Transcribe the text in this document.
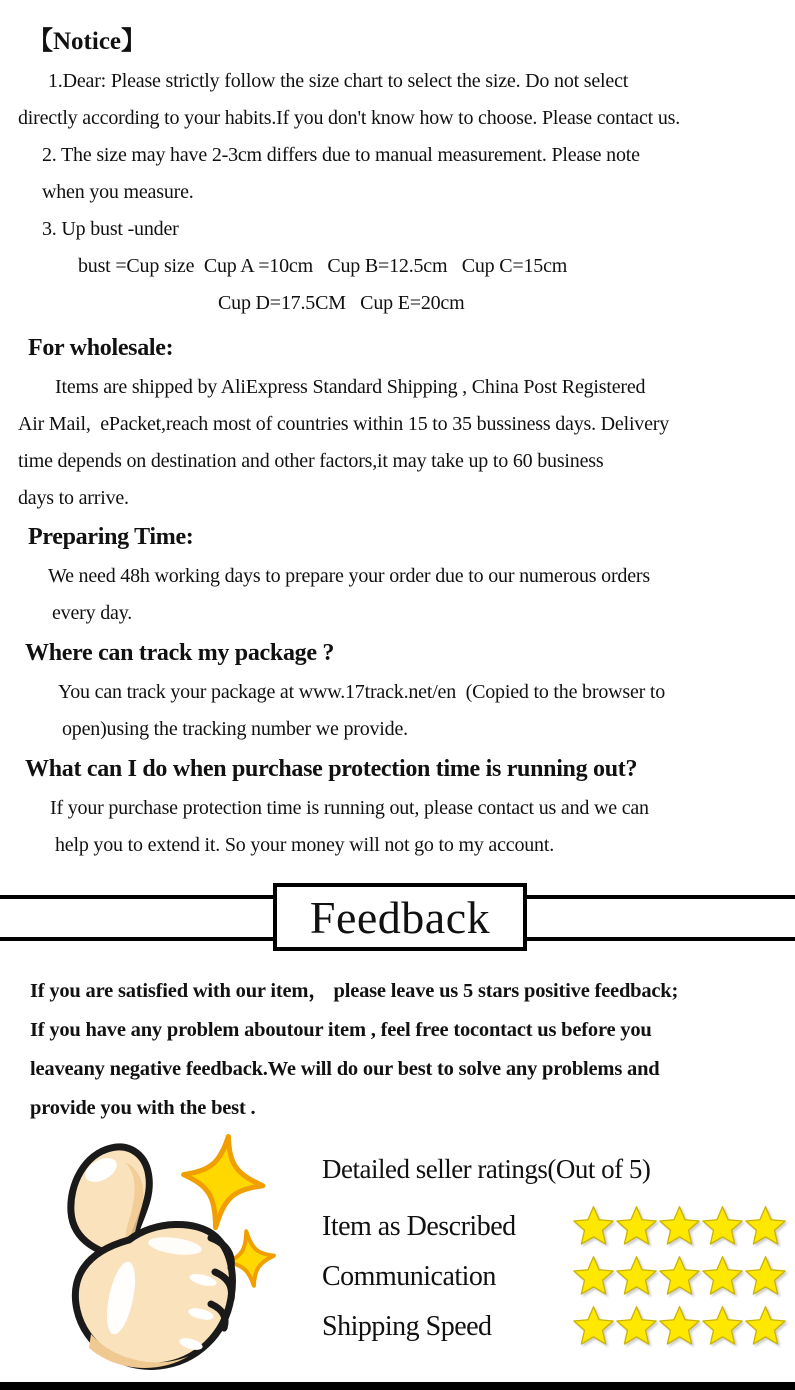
【Notice】
1.Dear: Please strictly follow the size chart to select the size. Do not select
directly according to your habits.If you don't know how to choose. Please contact us.
2. The size may have 2-3cm differs due to manual measurement. Please note
when you measure.
3. Up bust -under
bust =Cup size  Cup A =10cm   Cup B=12.5cm   Cup C=15cm
Cup D=17.5CM   Cup E=20cm
For wholesale:
Items are shipped by AliExpress Standard Shipping , China Post Registered
Air Mail,  ePacket,reach most of countries within 15 to 35 bussiness days. Delivery
time depends on destination and other factors,it may take up to 60 business
days to arrive.
Preparing Time:
We need 48h working days to prepare your order due to our numerous orders
every day.
Where can track my package ?
You can track your package at www.17track.net/en  (Copied to the browser to
open)using the tracking number we provide.
What can I do when purchase protection time is running out?
If your purchase protection time is running out, please contact us and we can
help you to extend it. So your money will not go to my account.
Feedback
If you are satisfied with our item， please leave us 5 stars positive feedback;
If you have any problem aboutour item , feel free tocontact us before you
leaveany negative feedback.We will do our best to solve any problems and
provide you with the best .
Detailed seller ratings(Out of 5)
Item as Described
Communication
Shipping Speed
